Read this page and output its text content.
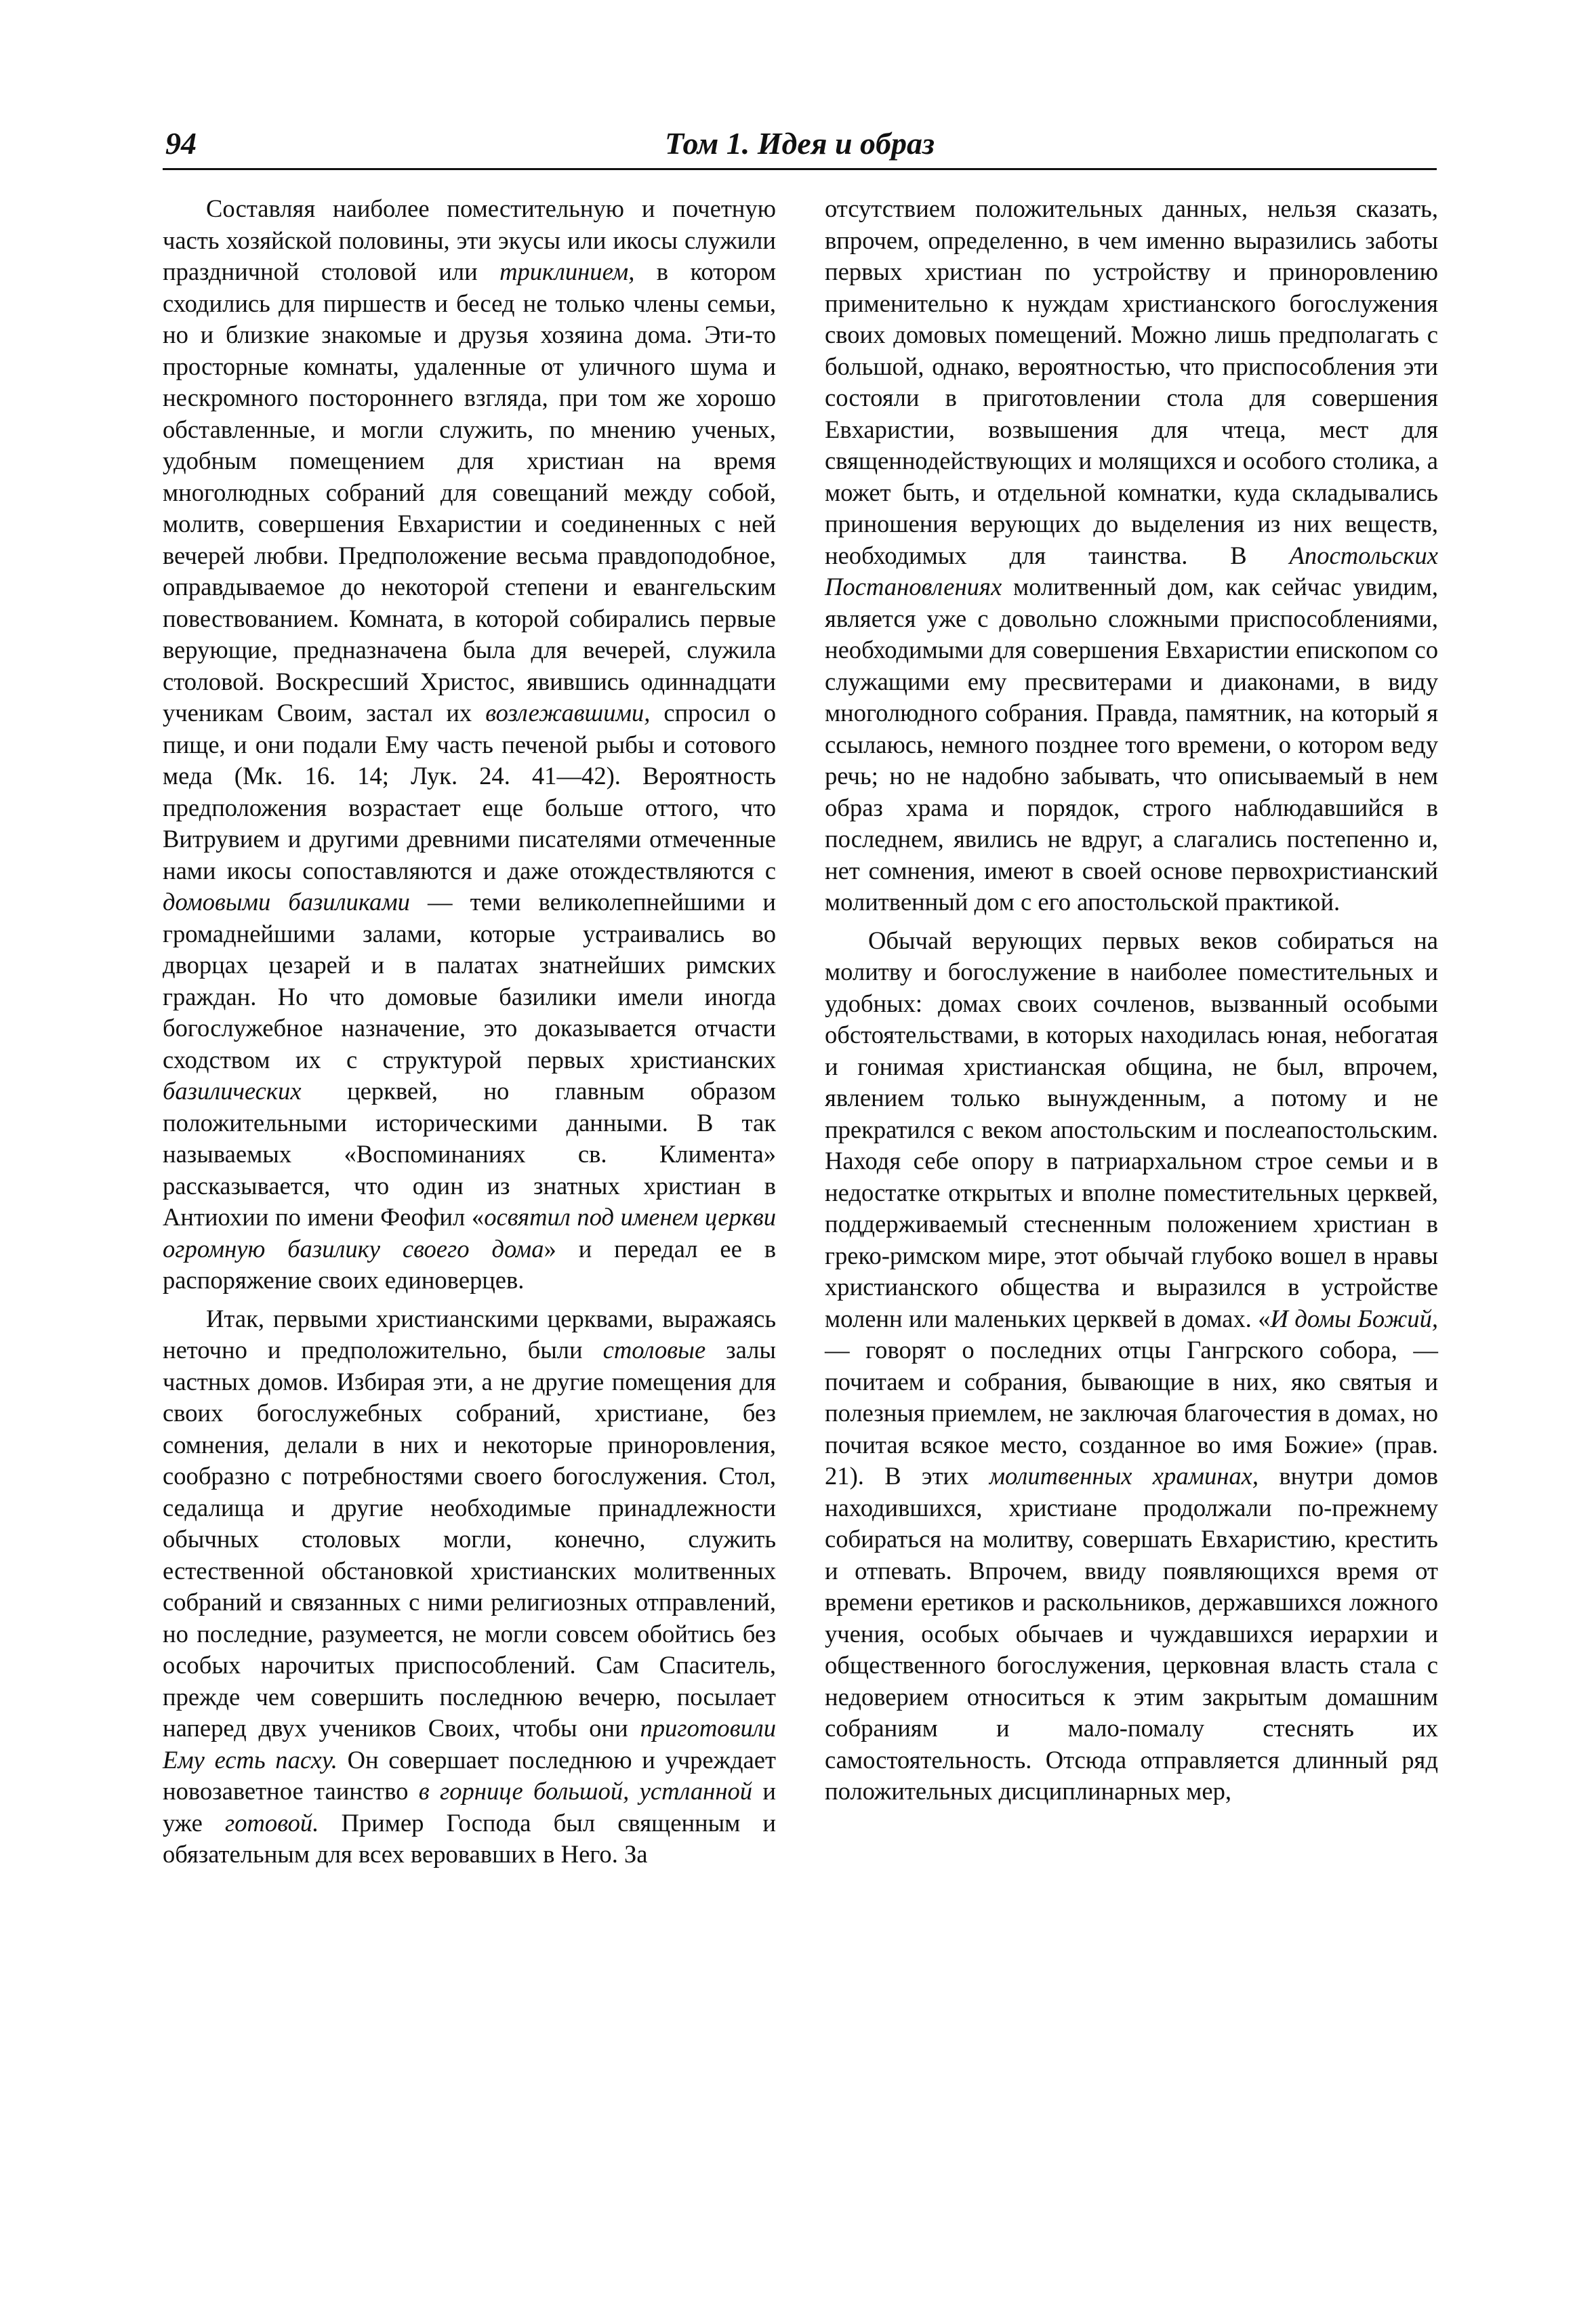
94	Том 1. Идея и образ

Составляя наиболее поместительную и почетную часть хозяйской половины, эти экусы или икосы служили праздничной столовой или триклинием, в котором сходились для пиршеств и бесед не только члены семьи, но и близкие знакомые и друзья хозяина дома. Эти-то просторные комнаты, удаленные от уличного шума и нескромного постороннего взгляда, при том же хорошо обставленные, и могли служить, по мнению ученых, удобным помещением для христиан на время многолюдных собраний для совещаний между собой, молитв, совершения Евхаристии и соединенных с ней вечерей любви. Предположение весьма правдоподобное, оправдываемое до некоторой степени и евангельским повествованием. Комната, в которой собирались первые верующие, предназначена была для вечерей, служила столовой. Воскресший Христос, явившись одиннадцати ученикам Своим, застал их возлежавшими, спросил о пище, и они подали Ему часть печеной рыбы и сотового меда (Мк. 16. 14; Лук. 24. 41—42). Вероятность предположения возрастает еще больше оттого, что Витрувием и другими древними писателями отмеченные нами икосы сопоставляются и даже отождествляются с домовыми базиликами — теми великолепнейшими и громаднейшими залами, которые устраивались во дворцах цезарей и в палатах знатнейших римских граждан. Но что домовые базилики имели иногда богослужебное назначение, это доказывается отчасти сходством их с структурой первых христианских базилических церквей, но главным образом положительными историческими данными. В так называемых «Воспоминаниях св. Климента» рассказывается, что один из знатных христиан в Антиохии по имени Феофил «освятил под именем церкви огромную базилику своего дома» и передал ее в распоряжение своих единоверцев.

Итак, первыми христианскими церквами, выражаясь неточно и предположительно, были столовые залы частных домов. Избирая эти, а не другие помещения для своих богослужебных собраний, христиане, без сомнения, делали в них и некоторые приноровления, сообразно с потребностями своего богослужения. Стол, седалища и другие необходимые принадлежности обычных столовых могли, конечно, служить естественной обстановкой христианских молитвенных собраний и связанных с ними религиозных отправлений, но последние, разумеется, не могли совсем обойтись без особых нарочитых приспособлений. Сам Спаситель, прежде чем совершить последнюю вечерю, посылает наперед двух учеников Своих, чтобы они приготовили Ему есть пасху. Он совершает последнюю и учреждает новозаветное таинство в горнице большой, устланной и уже готовой. Пример Господа был священным и обязательным для всех веровавших в Него. За

отсутствием положительных данных, нельзя сказать, впрочем, определенно, в чем именно выразились заботы первых христиан по устройству и приноровлению применительно к нуждам христианского богослужения своих домовых помещений. Можно лишь предполагать с большой, однако, вероятностью, что приспособления эти состояли в приготовлении стола для совершения Евхаристии, возвышения для чтеца, мест для священнодействующих и молящихся и особого столика, а может быть, и отдельной комнатки, куда складывались приношения верующих до выделения из них веществ, необходимых для таинства. В Апостольских Постановлениях молитвенный дом, как сейчас увидим, является уже с довольно сложными приспособлениями, необходимыми для совершения Евхаристии епископом со служащими ему пресвитерами и диаконами, в виду многолюдного собрания. Правда, памятник, на который я ссылаюсь, немного позднее того времени, о котором веду речь; но не надобно забывать, что описываемый в нем образ храма и порядок, строго наблюдавшийся в последнем, явились не вдруг, а слагались постепенно и, нет сомнения, имеют в своей основе первохристианский молитвенный дом с его апостольской практикой.

Обычай верующих первых веков собираться на молитву и богослужение в наиболее поместительных и удобных: домах своих сочленов, вызванный особыми обстоятельствами, в которых находилась юная, небогатая и гонимая христианская община, не был, впрочем, явлением только вынужденным, а потому и не прекратился с веком апостольским и послеапостольским. Находя себе опору в патриархальном строе семьи и в недостатке открытых и вполне поместительных церквей, поддерживаемый стесненным положением христиан в греко-римском мире, этот обычай глубоко вошел в нравы христианского общества и выразился в устройстве моленн или маленьких церквей в домах. «И домы Божий, — говорят о последних отцы Гангрского собора, — почитаем и собрания, бывающие в них, яко святыя и полезныя приемлем, не заключая благочестия в домах, но почитая всякое место, созданное во имя Божие» (прав. 21). В этих молитвенных храминах, внутри домов находившихся, христиане продолжали по-прежнему собираться на молитву, совершать Евхаристию, крестить и отпевать. Впрочем, ввиду появляющихся время от времени еретиков и раскольников, державшихся ложного учения, особых обычаев и чуждавшихся иерархии и общественного богослужения, церковная власть стала с недоверием относиться к этим закрытым домашним собраниям и мало-помалу стеснять их самостоятельность. Отсюда отправляется длинный ряд положительных дисциплинарных мер,
